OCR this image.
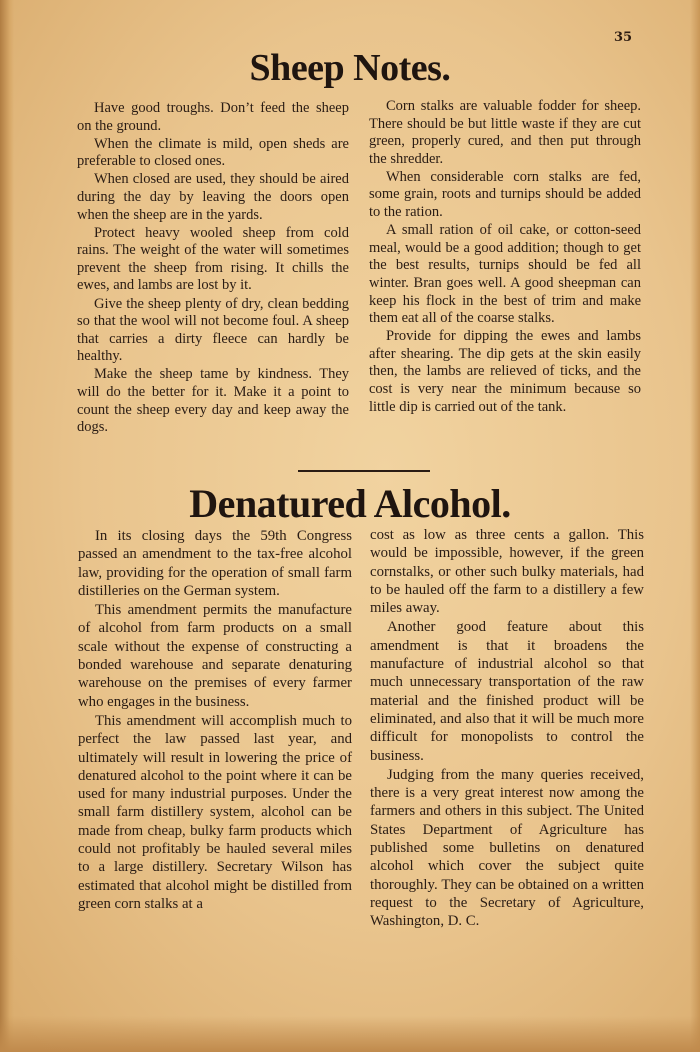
35
Sheep Notes.

Have good troughs. Don’t feed the sheep on the ground.

When the climate is mild, open sheds are preferable to closed ones.

When closed are used, they should be aired during the day by leaving the doors open when the sheep are in the yards.

Protect heavy wooled sheep from cold rains. The weight of the water will sometimes prevent the sheep from rising. It chills the ewes, and lambs are lost by it.

Give the sheep plenty of dry, clean bedding so that the wool will not become foul. A sheep that carries a dirty fleece can hardly be healthy.

Make the sheep tame by kindness. They will do the better for it. Make it a point to count the sheep every day and keep away the dogs.

Corn stalks are valuable fodder for sheep. There should be but little waste if they are cut green, properly cured, and then put through the shredder.

When considerable corn stalks are fed, some grain, roots and turnips should be added to the ration.

A small ration of oil cake, or cotton-seed meal, would be a good addition; though to get the best results, turnips should be fed all winter. Bran goes well. A good sheepman can keep his flock in the best of trim and make them eat all of the coarse stalks.

Provide for dipping the ewes and lambs after shearing. The dip gets at the skin easily then, the lambs are relieved of ticks, and the cost is very near the minimum because so little dip is carried out of the tank.

Denatured Alcohol.

In its closing days the 59th Congress passed an amendment to the tax-free alcohol law, providing for the operation of small farm distilleries on the German system.

This amendment permits the manufacture of alcohol from farm products on a small scale without the expense of constructing a bonded warehouse and separate denaturing warehouse on the premises of every farmer who engages in the business.

This amendment will accomplish much to perfect the law passed last year, and ultimately will result in lowering the price of denatured alcohol to the point where it can be used for many industrial purposes. Under the small farm distillery system, alcohol can be made from cheap, bulky farm products which could not profitably be hauled several miles to a large distillery. Secretary Wilson has estimated that alcohol might be distilled from green corn stalks at a

cost as low as three cents a gallon. This would be impossible, however, if the green cornstalks, or other such bulky materials, had to be hauled off the farm to a distillery a few miles away.

Another good feature about this amendment is that it broadens the manufacture of industrial alcohol so that much unnecessary transportation of the raw material and the finished product will be eliminated, and also that it will be much more difficult for monopolists to control the business.

Judging from the many queries received, there is a very great interest now among the farmers and others in this subject. The United States Department of Agriculture has published some bulletins on denatured alcohol which cover the subject quite thoroughly. They can be obtained on a written request to the Secretary of Agriculture, Washington, D. C.
